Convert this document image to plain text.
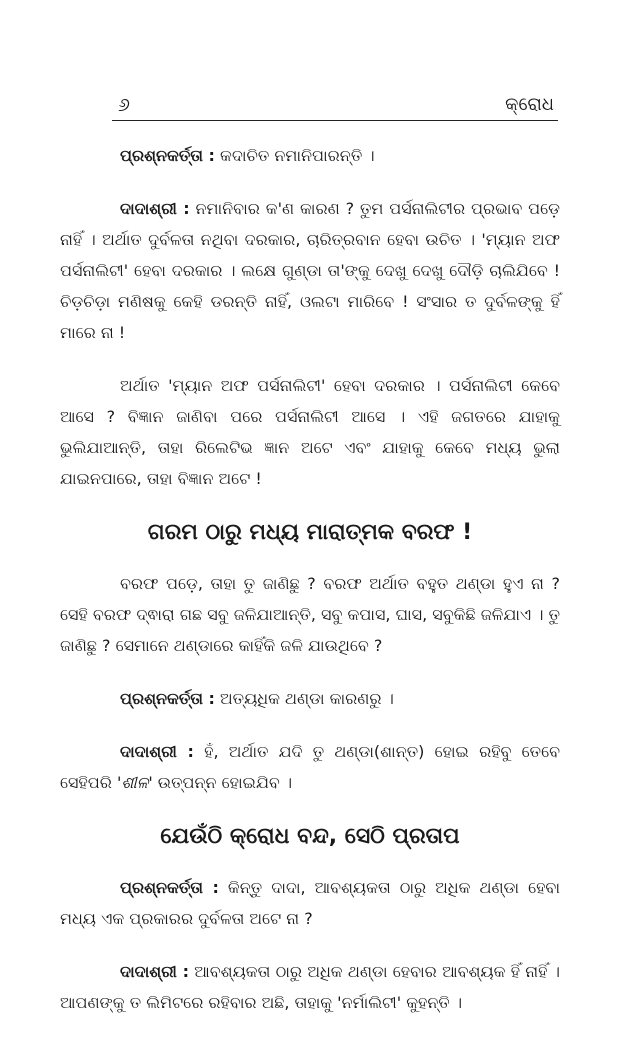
୬	କ୍ରୋଧ

ପ୍ରଶ୍ନକର୍ତ୍ତା : କଦାଚିତ ନମାନିପାରନ୍ତି ।

ଦାଦାଶ୍ରୀ : ନମାନିବାର କ'ଣ କାରଣ ? ତୁମ ପର୍ସନାଲିଟୀର ପ୍ରଭାବ ପଡ଼େ ନାହିଁ । ଅର୍ଥାତ ଦୁର୍ବଳତା ନଥିବା ଦରକାର, ଚାରିତ୍ରବାନ ହେବା ଉଚିତ । 'ମ୍ୟାନ ଅଫ ପର୍ସନାଲିଟୀ' ହେବା ଦରକାର । ଲକ୍ଷେ ଗୁଣ୍ଡା ତା'ଙ୍କୁ ଦେଖୁ ଦେଖୁ ଦୌଡ଼ି ଚାଲିଯିବେ ! ଚିଡ଼ଚିଡ଼ା ମଣିଷକୁ କେହି ଡରନ୍ତି ନାହିଁ, ଓଲଟା ମାରିବେ ! ସଂସାର ତ ଦୁର୍ବଳଙ୍କୁ ହିଁ ମାରେ ନା !

ଅର୍ଥାତ 'ମ୍ୟାନ ଅଫ ପର୍ସନାଲିଟୀ' ହେବା ଦରକାର । ପର୍ସନାଲିଟୀ କେବେ ଆସେ ? ବିଜ୍ଞାନ ଜାଣିବା ପରେ ପର୍ସନାଲିଟୀ ଆସେ । ଏହି ଜଗତରେ ଯାହାକୁ ଭୁଲିଯାଆନ୍ତି, ତାହା ରିଲେଟିଭ ଜ୍ଞାନ ଅଟେ ଏବଂ ଯାହାକୁ କେବେ ମଧ୍ୟ ଭୁଲା ଯାଇନପାରେ, ତାହା ବିଜ୍ଞାନ ଅଟେ !

ଗରମ ଠାରୁ ମଧ୍ୟ ମାରାତ୍ମକ ବରଫ !

ବରଫ ପଡ଼େ, ତାହା ତୁ ଜାଣିଛୁ ? ବରଫ ଅର୍ଥାତ ବହୁତ ଥଣ୍ଡା ହୁଏ ନା ? ସେହି ବରଫ ଦ୍ଵାରା ଗଛ ସବୁ ଜଳିଯାଆନ୍ତି, ସବୁ କପାସ, ଘାସ, ସବୁକିଛି ଜଳିଯାଏ । ତୁ ଜାଣିଛୁ ? ସେମାନେ ଥଣ୍ଡାରେ କାହିଁକି ଜଳି ଯାଉଥିବେ ?

ପ୍ରଶ୍ନକର୍ତ୍ତା : ଅତ୍ୟଧିକ ଥଣ୍ଡା କାରଣରୁ ।

ଦାଦାଶ୍ରୀ : ହଁ, ଅର୍ଥାତ ଯଦି ତୁ ଥଣ୍ଡା(ଶାନ୍ତ) ହୋଇ ରହିବୁ ତେବେ ସେହିପରି 'ଶୀଳ' ଉତ୍ପନ୍ନ ହୋଇଯିବ ।

ଯେଉଁଠି କ୍ରୋଧ ବନ୍ଦ, ସେଠି ପ୍ରତାପ

ପ୍ରଶ୍ନକର୍ତ୍ତା : କିନ୍ତୁ ଦାଦା, ଆବଶ୍ୟକତା ଠାରୁ ଅଧିକ ଥଣ୍ଡା ହେବା ମଧ୍ୟ ଏକ ପ୍ରକାରର ଦୁର୍ବଳତା ଅଟେ ନା ?

ଦାଦାଶ୍ରୀ : ଆବଶ୍ୟକତା ଠାରୁ ଅଧିକ ଥଣ୍ଡା ହେବାର ଆବଶ୍ୟକ ହିଁ ନାହିଁ । ଆପଣଙ୍କୁ ତ ଲିମିଟରେ ରହିବାର ଅଛି, ତାହାକୁ 'ନର୍ମାଲିଟୀ' କୁହନ୍ତି ।
